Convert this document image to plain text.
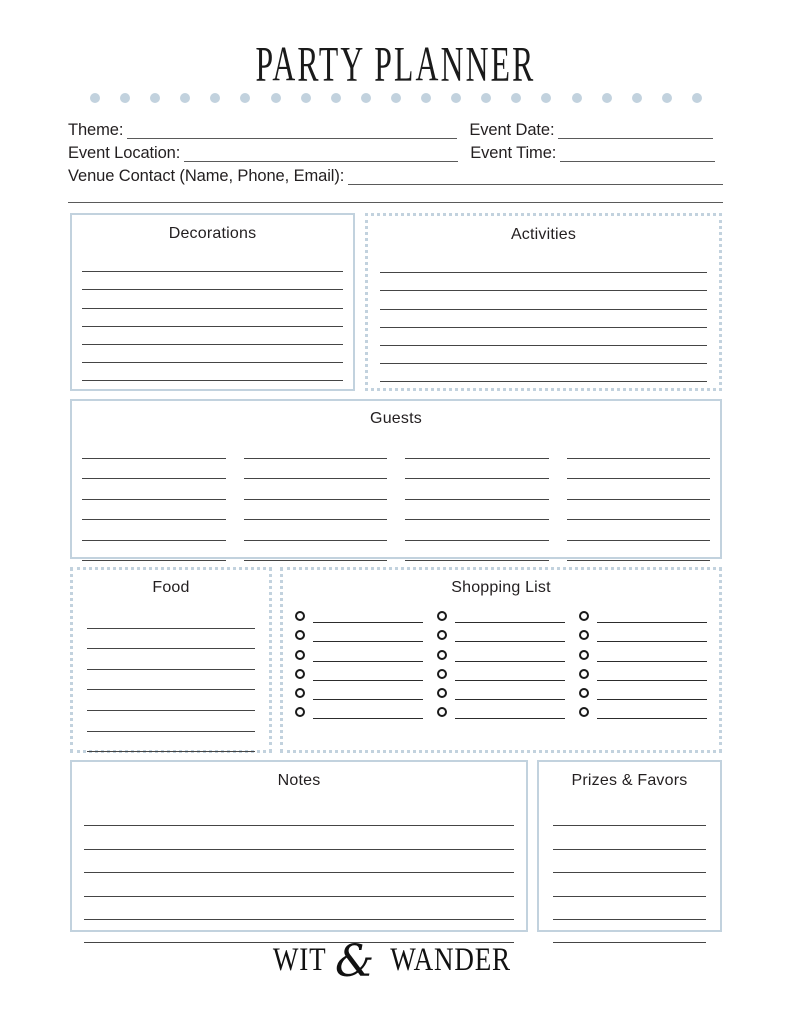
PARTY PLANNER
Theme:	Event Date:
Event Location:	Event Time:
Venue Contact (Name, Phone, Email):
Decorations	Activities
Guests
Food	Shopping List
Notes	Prizes & Favors
WIT & WANDER
